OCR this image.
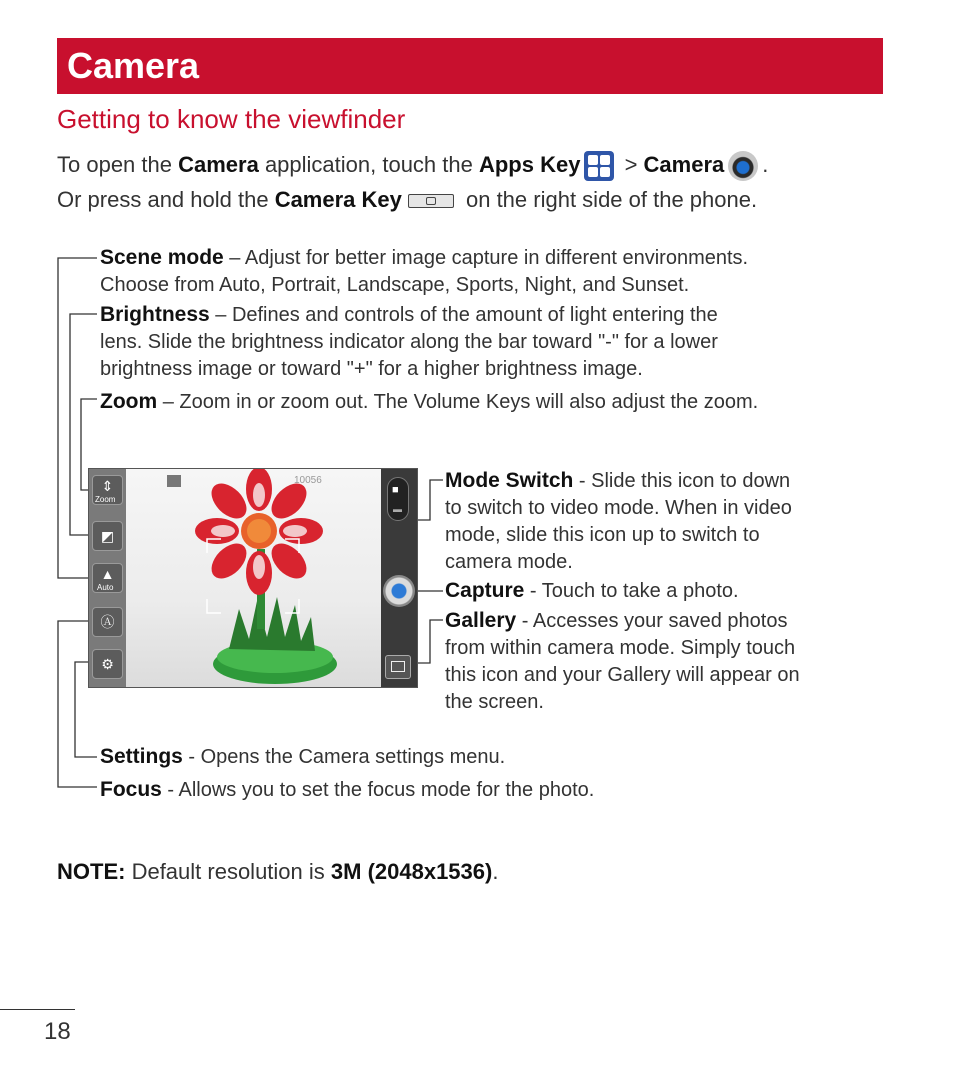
Camera
Getting to know the viewfinder
To open the Camera application, touch the Apps Key
> Camera .
Or press and hold the Camera Key	on the right side of the phone.
Scene mode – Adjust for better image capture in different environments.
Choose from Auto, Portrait, Landscape, Sports, Night, and Sunset.
Brightness – Defines and controls of the amount of light entering the
lens. Slide the brightness indicator along the bar toward "-" for a lower
brightness image or toward "+" for a higher brightness image.
Zoom – Zoom in or zoom out. The Volume Keys will also adjust the zoom.
Mode Switch - Slide this icon to down
to switch to video mode. When in video
mode, slide this icon up to switch to
camera mode.
Capture - Touch to take a photo.
Gallery - Accesses your saved photos
from within camera mode. Simply touch
this icon and your Gallery will appear on
the screen.
Settings - Opens the Camera settings menu.
Focus - Allows you to set the focus mode for the photo.
10056
⇕
Zoom
◩
▲
Auto
Ⓐ
⚙
■
▬
NOTE: Default resolution is 3M (2048x1536).
18
